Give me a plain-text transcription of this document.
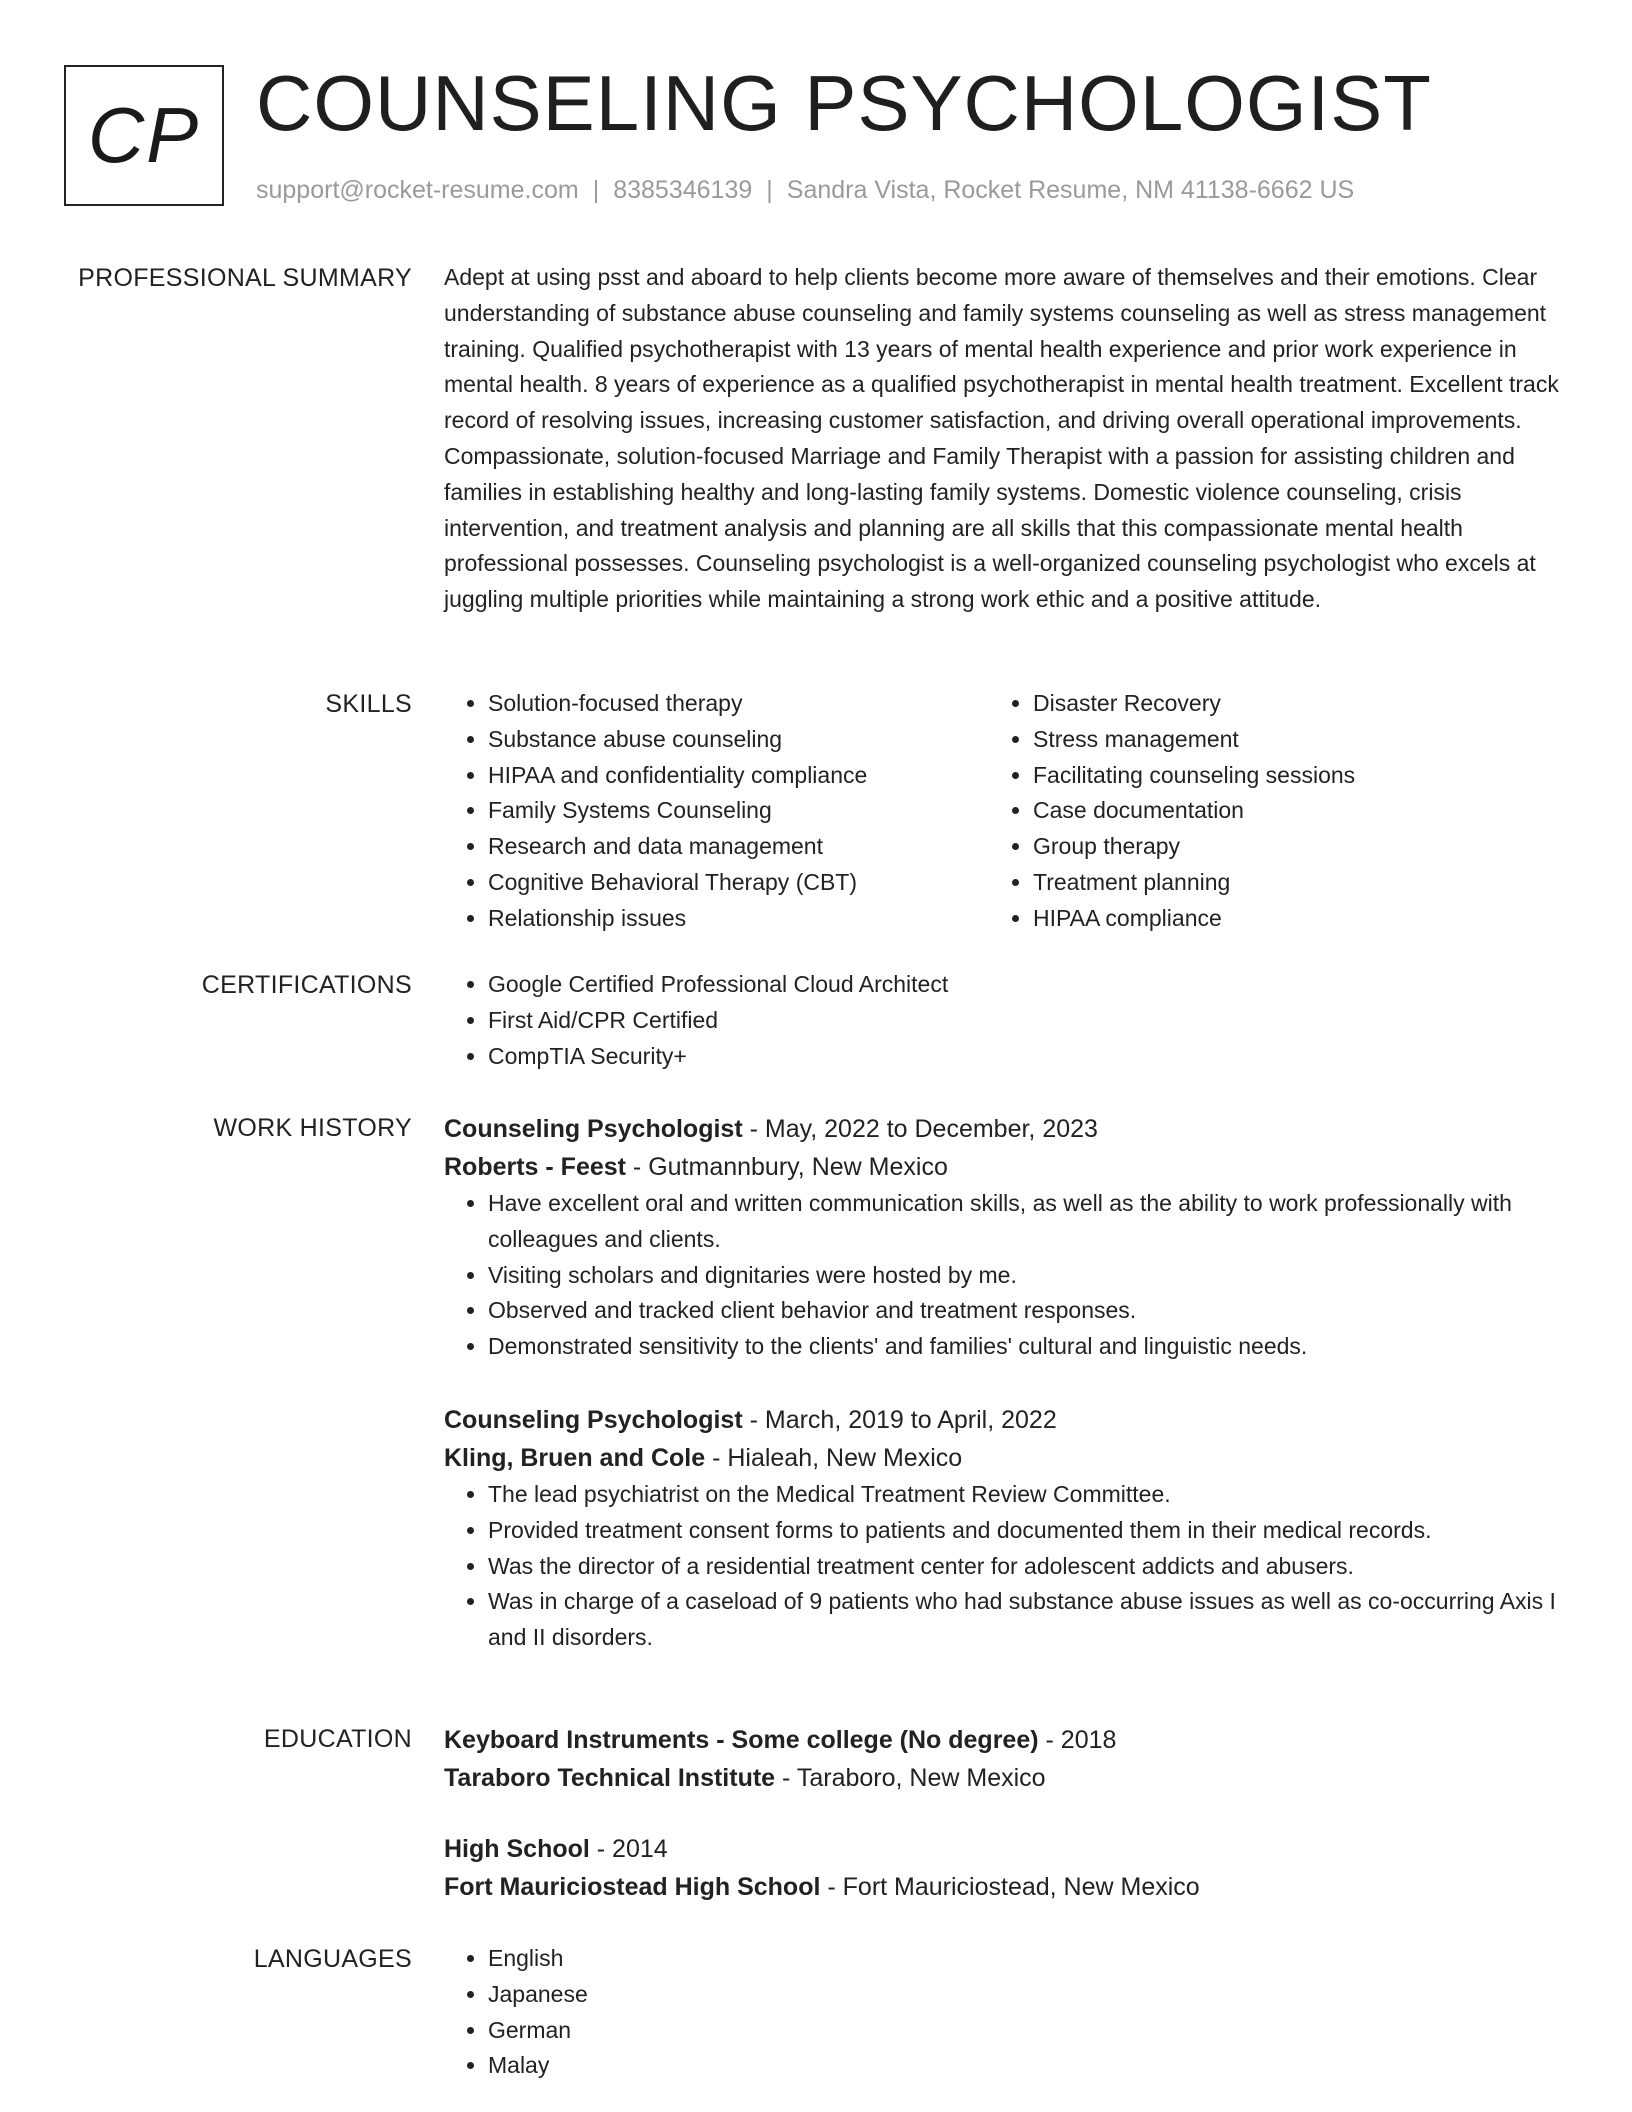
CP COUNSELING PSYCHOLOGIST
support@rocket-resume.com | 8385346139 | Sandra Vista, Rocket Resume, NM 41138-6662 US
PROFESSIONAL SUMMARY Adept at using psst and aboard to help clients become more aware of themselves and their emotions. Clear understanding of substance abuse counseling and family systems counseling as well as stress management training. Qualified psychotherapist with 13 years of mental health experience and prior work experience in mental health. 8 years of experience as a qualified psychotherapist in mental health treatment. Excellent track record of resolving issues, increasing customer satisfaction, and driving overall operational improvements. Compassionate, solution-focused Marriage and Family Therapist with a passion for assisting children and families in establishing healthy and long-lasting family systems. Domestic violence counseling, crisis intervention, and treatment analysis and planning are all skills that this compassionate mental health professional possesses. Counseling psychologist is a well-organized counseling psychologist who excels at juggling multiple priorities while maintaining a strong work ethic and a positive attitude.

SKILLS	• Solution-focused therapy
• Substance abuse counseling
• HIPAA and confidentiality compliance
• Family Systems Counseling
• Research and data management
• Cognitive Behavioral Therapy (CBT)
• Relationship issues
• Disaster Recovery
• Stress management
• Facilitating counseling sessions
• Case documentation
• Group therapy
• Treatment planning
• HIPAA compliance
CERTIFICATIONS	• Google Certified Professional Cloud Architect
• First Aid/CPR Certified
• CompTIA Security+
WORK HISTORY Counseling Psychologist - May, 2022 to December, 2023
Roberts - Feest - Gutmannbury, New Mexico
• Have excellent oral and written communication skills, as well as the ability to work professionally with colleagues and clients.
• Visiting scholars and dignitaries were hosted by me.
• Observed and tracked client behavior and treatment responses.
• Demonstrated sensitivity to the clients' and families' cultural and linguistic needs.
Counseling Psychologist - March, 2019 to April, 2022
Kling, Bruen and Cole - Hialeah, New Mexico
• The lead psychiatrist on the Medical Treatment Review Committee.
• Provided treatment consent forms to patients and documented them in their medical records.
• Was the director of a residential treatment center for adolescent addicts and abusers.
• Was in charge of a caseload of 9 patients who had substance abuse issues as well as co-occurring Axis I and II disorders.
EDUCATION Keyboard Instruments - Some college (No degree) - 2018
Taraboro Technical Institute - Taraboro, New Mexico
High School - 2014
Fort Mauriciostead High School - Fort Mauriciostead, New Mexico
LANGUAGES	• English
• Japanese
• German
• Malay
